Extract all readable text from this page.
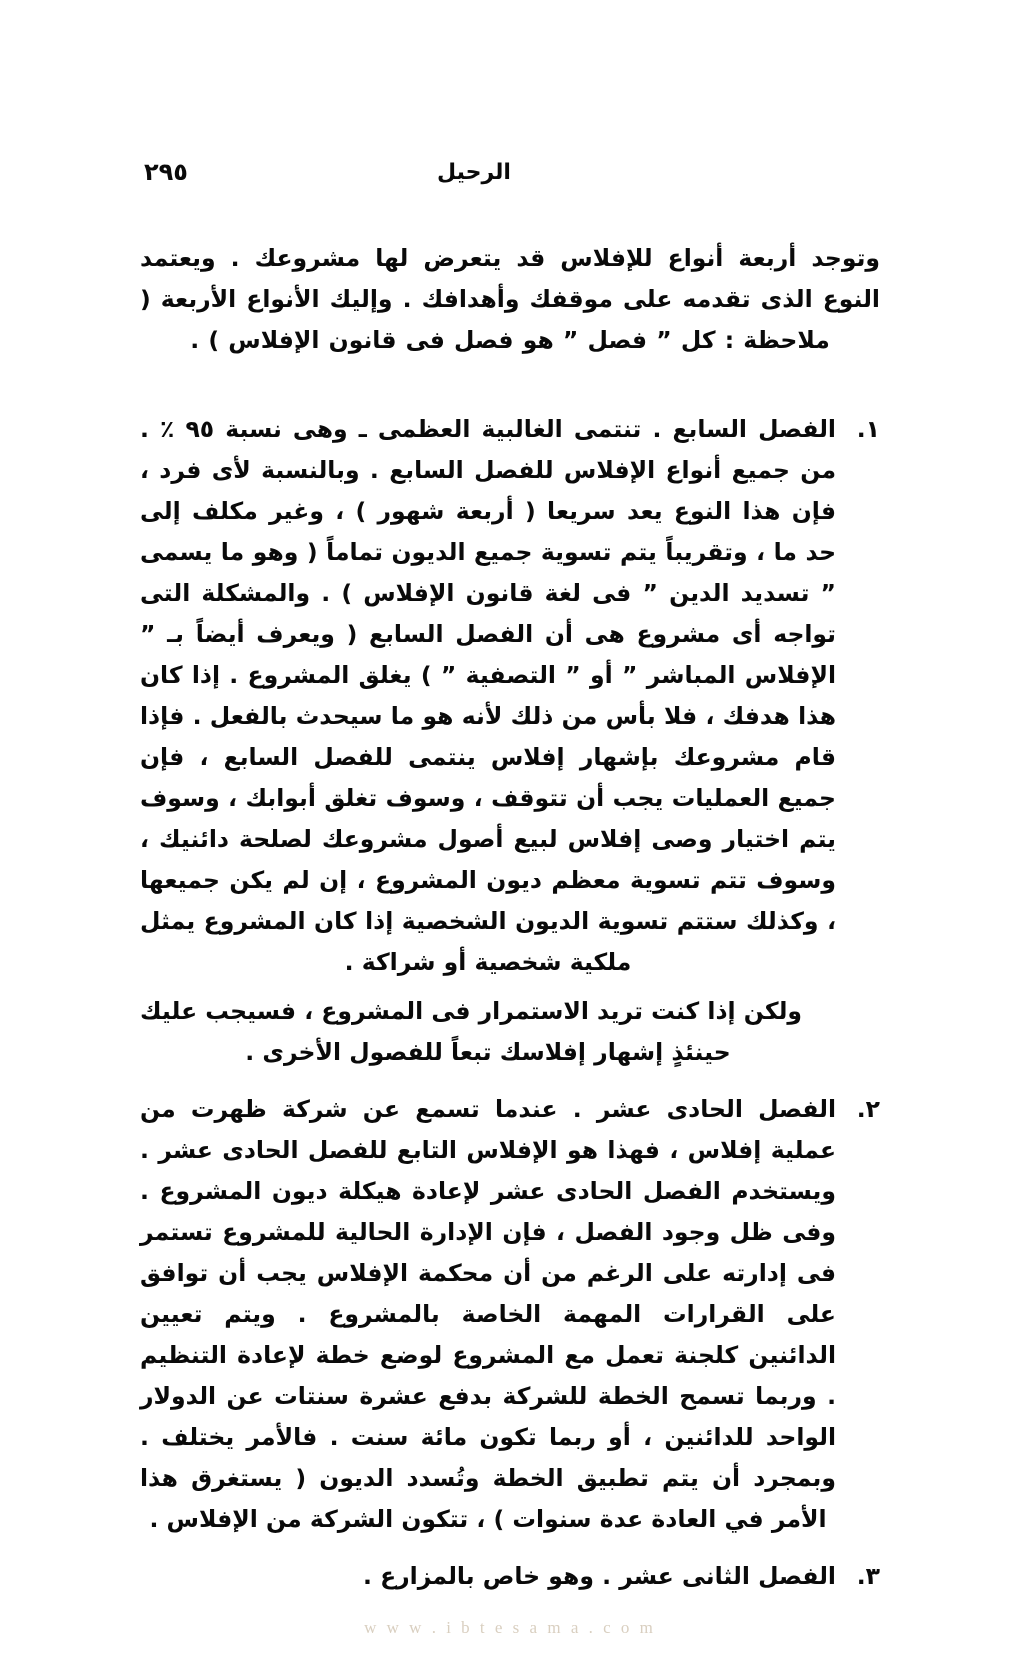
٢٩٥	الرحيل

وتوجد أربعة أنواع للإفلاس قد يتعرض لها مشروعك . ويعتمد النوع الذى تقدمه على موقفك وأهدافك . وإليك الأنواع الأربعة ( ملاحظة : كل ” فصل ” هو فصل فى قانون الإفلاس ) .

١.
الفصل السابع . تنتمى الغالبية العظمى ـ وهى نسبة ٩٥ ٪ . من جميع أنواع الإفلاس للفصل السابع . وبالنسبة لأى فرد ، فإن هذا النوع يعد سريعا ( أربعة شهور ) ، وغير مكلف إلى حد ما ، وتقريباً يتم تسوية جميع الديون تماماً ( وهو ما يسمى ” تسديد الدين ” فى لغة قانون الإفلاس ) . والمشكلة التى تواجه أى مشروع هى أن الفصل السابع ( ويعرف أيضاً بـ ” الإفلاس المباشر ” أو ” التصفية ” ) يغلق المشروع . إذا كان هذا هدفك ، فلا بأس من ذلك لأنه هو ما سيحدث بالفعل . فإذا قام مشروعك بإشهار إفلاس ينتمى للفصل السابع ، فإن جميع العمليات يجب أن تتوقف ، وسوف تغلق أبوابك ، وسوف يتم اختيار وصى إفلاس لبيع أصول مشروعك لصلحة دائنيك ، وسوف تتم تسوية معظم ديون المشروع ، إن لم يكن جميعها ، وكذلك ستتم تسوية الديون الشخصية إذا كان المشروع يمثل ملكية شخصية أو شراكة .
ولكن إذا كنت تريد الاستمرار فى المشروع ، فسيجب عليك حينئذٍ إشهار إفلاسك تبعاً للفصول الأخرى .
٢.
الفصل الحادى عشر . عندما تسمع عن شركة ظهرت من عملية إفلاس ، فهذا هو الإفلاس التابع للفصل الحادى عشر . ويستخدم الفصل الحادى عشر لإعادة هيكلة ديون المشروع . وفى ظل وجود الفصل ، فإن الإدارة الحالية للمشروع تستمر فى إدارته على الرغم من أن محكمة الإفلاس يجب أن توافق على القرارات المهمة الخاصة بالمشروع . ويتم تعيين الدائنين كلجنة تعمل مع المشروع لوضع خطة لإعادة التنظيم . وربما تسمح الخطة للشركة بدفع عشرة سنتات عن الدولار الواحد للدائنين ، أو ربما تكون مائة سنت . فالأمر يختلف . وبمجرد أن يتم تطبيق الخطة وتُسدد الديون ( يستغرق هذا الأمر في العادة عدة سنوات ) ، تتكون الشركة من الإفلاس .
٣.
الفصل الثانى عشر . وهو خاص بالمزارع .
w w w . i b t e s a m a . c o m
